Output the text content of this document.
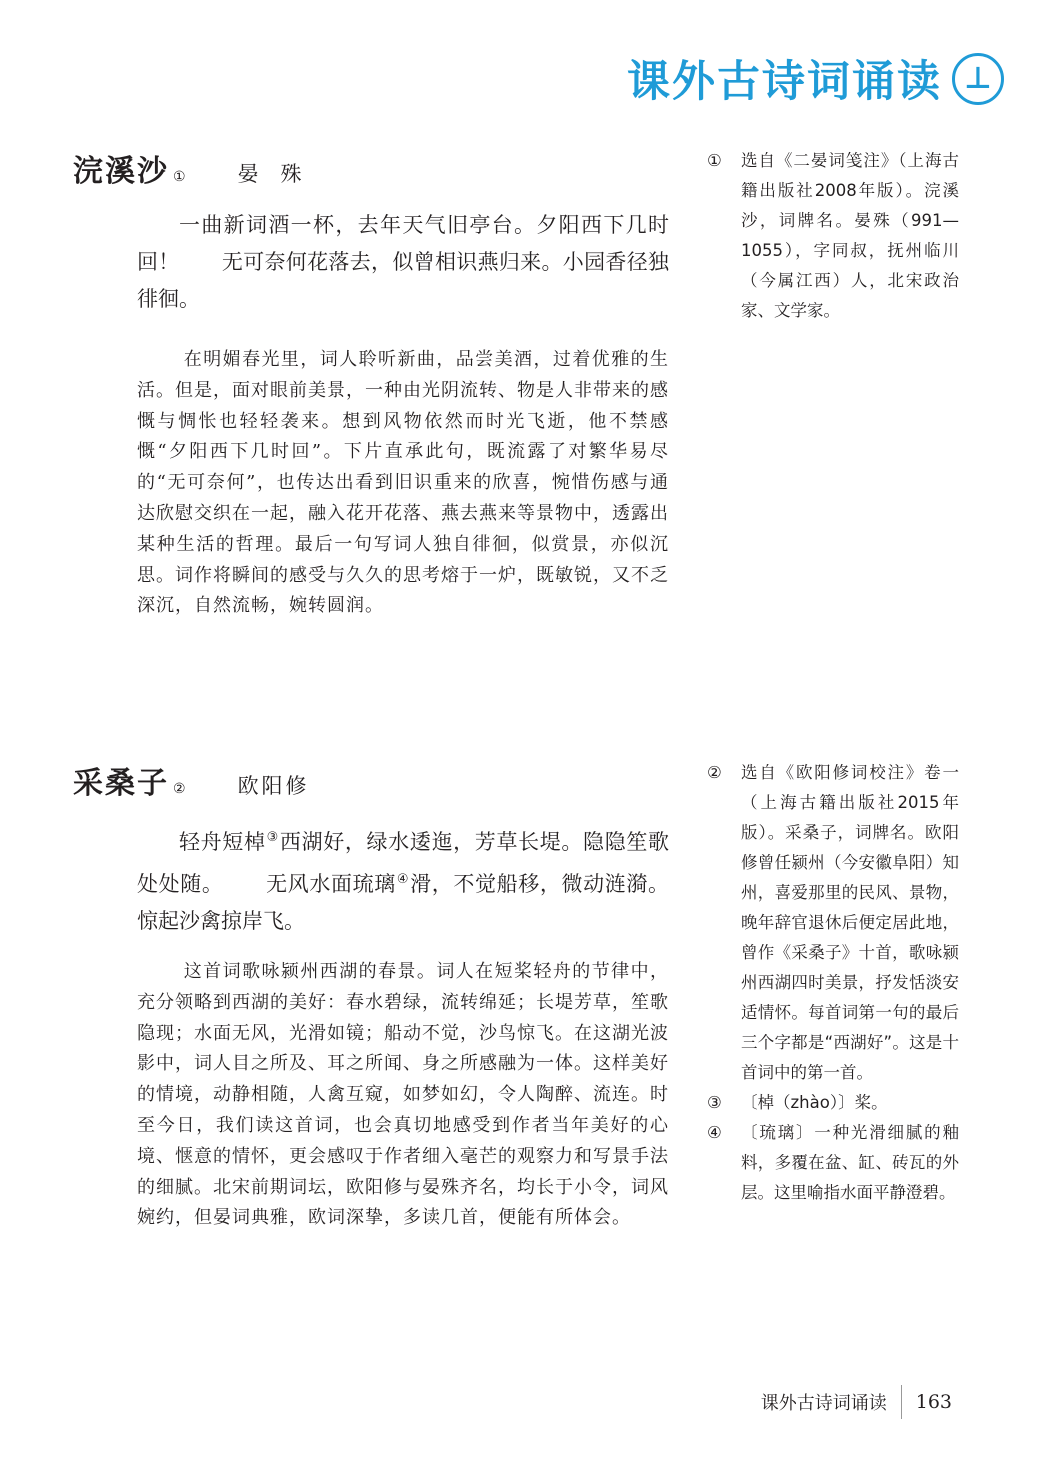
课外古诗词诵读 ⊥
浣溪沙 ① 晏殊

一曲新词酒一杯，去年天气旧亭台。夕阳西下几时回！ 无可奈何花落去，似曾相识燕归来。小园香径独徘徊。

在明媚春光里，词人聆听新曲，品尝美酒，过着优雅的生活。但是，面对眼前美景，一种由光阴流转、物是人非带来的感慨与惆怅也轻轻袭来。想到风物依然而时光飞逝，他不禁感慨“夕阳西下几时回”。下片直承此句，既流露了对繁华易尽的“无可奈何”，也传达出看到旧识重来的欣喜，惋惜伤感与通达欣慰交织在一起，融入花开花落、燕去燕来等景物中，透露出某种生活的哲理。最后一句写词人独自徘徊，似赏景，亦似沉思。词作将瞬间的感受与久久的思考熔于一炉，既敏锐，又不乏深沉，自然流畅，婉转圆润。

① 选自《二晏词笺注》（上海古籍出版社2008年版）。浣溪沙，词牌名。晏殊（991—1055），字同叔，抚州临川（今属江西）人，北宋政治家、文学家。
采桑子 ② 欧阳修

轻舟短棹③西湖好，绿水逶迤，芳草长堤。隐隐笙歌处处随。 无风水面琉璃④滑，不觉船移，微动涟漪。惊起沙禽掠岸飞。

这首词歌咏颍州西湖的春景。词人在短桨轻舟的节律中，充分领略到西湖的美好：春水碧绿，流转绵延；长堤芳草，笙歌隐现；水面无风，光滑如镜；船动不觉，沙鸟惊飞。在这湖光波影中，词人目之所及、耳之所闻、身之所感融为一体。这样美好的情境，动静相随，人禽互窥，如梦如幻，令人陶醉、流连。时至今日，我们读这首词，也会真切地感受到作者当年美好的心境、惬意的情怀，更会感叹于作者细入毫芒的观察力和写景手法的细腻。北宋前期词坛，欧阳修与晏殊齐名，均长于小令，词风婉约，但晏词典雅，欧词深挚，多读几首，便能有所体会。

② 选自《欧阳修词校注》卷一（上海古籍出版社2015年版）。采桑子，词牌名。欧阳修曾任颍州（今安徽阜阳）知州，喜爱那里的民风、景物，晚年辞官退休后便定居此地，曾作《采桑子》十首，歌咏颍州西湖四时美景，抒发恬淡安适情怀。每首词第一句的最后三个字都是“西湖好”。这是十首词中的第一首。
③ 〔棹（zhào）〕桨。
④ 〔琉璃〕一种光滑细腻的釉料，多覆在盆、缸、砖瓦的外层。这里喻指水面平静澄碧。
课外古诗词诵读 163
